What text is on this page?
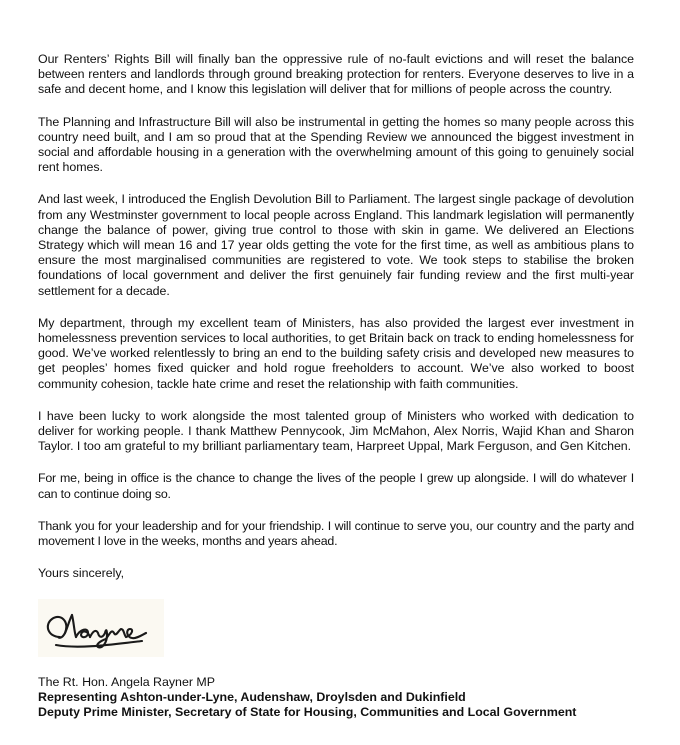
Our Renters’ Rights Bill will finally ban the oppressive rule of no-fault evictions and will reset the balance between renters and landlords through ground breaking protection for renters. Everyone deserves to live in a safe and decent home, and I know this legislation will deliver that for millions of people across the country.

The Planning and Infrastructure Bill will also be instrumental in getting the homes so many people across this country need built, and I am so proud that at the Spending Review we announced the biggest investment in social and affordable housing in a generation with the overwhelming amount of this going to genuinely social rent homes.

And last week, I introduced the English Devolution Bill to Parliament. The largest single package of devolution from any Westminster government to local people across England. This landmark legislation will permanently change the balance of power, giving true control to those with skin in game. We delivered an Elections Strategy which will mean 16 and 17 year olds getting the vote for the first time, as well as ambitious plans to ensure the most marginalised communities are registered to vote. We took steps to stabilise the broken foundations of local government and deliver the first genuinely fair funding review and the first multi-year settlement for a decade.

My department, through my excellent team of Ministers, has also provided the largest ever investment in homelessness prevention services to local authorities, to get Britain back on track to ending homelessness for good. We’ve worked relentlessly to bring an end to the building safety crisis and developed new measures to get peoples’ homes fixed quicker and hold rogue freeholders to account. We’ve also worked to boost community cohesion, tackle hate crime and reset the relationship with faith communities.

I have been lucky to work alongside the most talented group of Ministers who worked with dedication to deliver for working people. I thank Matthew Pennycook, Jim McMahon, Alex Norris, Wajid Khan and Sharon Taylor. I too am grateful to my brilliant parliamentary team, Harpreet Uppal, Mark Ferguson, and Gen Kitchen.

For me, being in office is the chance to change the lives of the people I grew up alongside. I will do whatever I can to continue doing so.

Thank you for your leadership and for your friendship. I will continue to serve you, our country and the party and movement I love in the weeks, months and years ahead.

Yours sincerely,

The Rt. Hon. Angela Rayner MP
Representing Ashton-under-Lyne, Audenshaw, Droylsden and Dukinfield
Deputy Prime Minister, Secretary of State for Housing, Communities and Local Government
